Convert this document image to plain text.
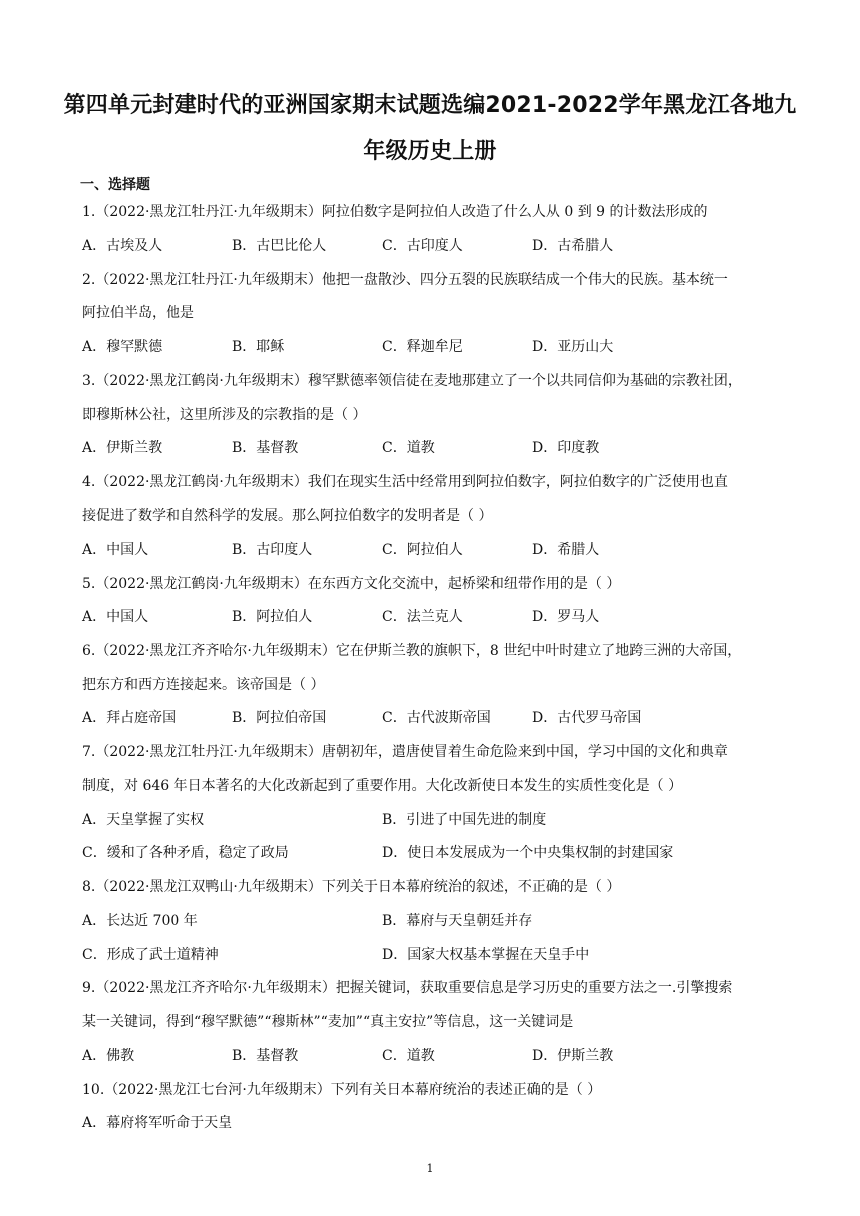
第四单元封建时代的亚洲国家期末试题选编2021-2022学年黑龙江各地九
年级历史上册
一、选择题
1.（2022·黑龙江牡丹江·九年级期末）阿拉伯数字是阿拉伯人改造了什么人从 0 到 9 的计数法形成的
A．古埃及人	B．古巴比伦人	C．古印度人	D．古希腊人
2.（2022·黑龙江牡丹江·九年级期末）他把一盘散沙、四分五裂的民族联结成一个伟大的民族。基本统一
阿拉伯半岛，他是
A．穆罕默德	B．耶稣	C．释迦牟尼	D．亚历山大
3.（2022·黑龙江鹤岗·九年级期末）穆罕默德率领信徒在麦地那建立了一个以共同信仰为基础的宗教社团，
即穆斯林公社，这里所涉及的宗教指的是（ ）
A．伊斯兰教	B．基督教	C．道教	D．印度教
4.（2022·黑龙江鹤岗·九年级期末）我们在现实生活中经常用到阿拉伯数字，阿拉伯数字的广泛使用也直
接促进了数学和自然科学的发展。那么阿拉伯数字的发明者是（ ）
A．中国人	B．古印度人	C．阿拉伯人	D．希腊人
5.（2022·黑龙江鹤岗·九年级期末）在东西方文化交流中，起桥梁和纽带作用的是（ ）
A．中国人	B．阿拉伯人	C．法兰克人	D．罗马人
6.（2022·黑龙江齐齐哈尔·九年级期末）它在伊斯兰教的旗帜下，8 世纪中叶时建立了地跨三洲的大帝国，
把东方和西方连接起来。该帝国是（ ）
A．拜占庭帝国	B．阿拉伯帝国	C．古代波斯帝国	D．古代罗马帝国
7.（2022·黑龙江牡丹江·九年级期末）唐朝初年，遣唐使冒着生命危险来到中国，学习中国的文化和典章
制度，对 646 年日本著名的大化改新起到了重要作用。大化改新使日本发生的实质性变化是（ ）
A．天皇掌握了实权	B．引进了中国先进的制度
C．缓和了各种矛盾，稳定了政局	D．使日本发展成为一个中央集权制的封建国家
8.（2022·黑龙江双鸭山·九年级期末）下列关于日本幕府统治的叙述，不正确的是（ ）
A．长达近 700 年	B．幕府与天皇朝廷并存
C．形成了武士道精神	D．国家大权基本掌握在天皇手中
9.（2022·黑龙江齐齐哈尔·九年级期末）把握关键词，获取重要信息是学习历史的重要方法之一.引擎搜索
某一关键词，得到“穆罕默德”“穆斯林”“麦加”“真主安拉”等信息，这一关键词是
A．佛教	B．基督教	C．道教	D．伊斯兰教
10.（2022·黑龙江七台河·九年级期末）下列有关日本幕府统治的表述正确的是（ ）
A．幕府将军听命于天皇
1
